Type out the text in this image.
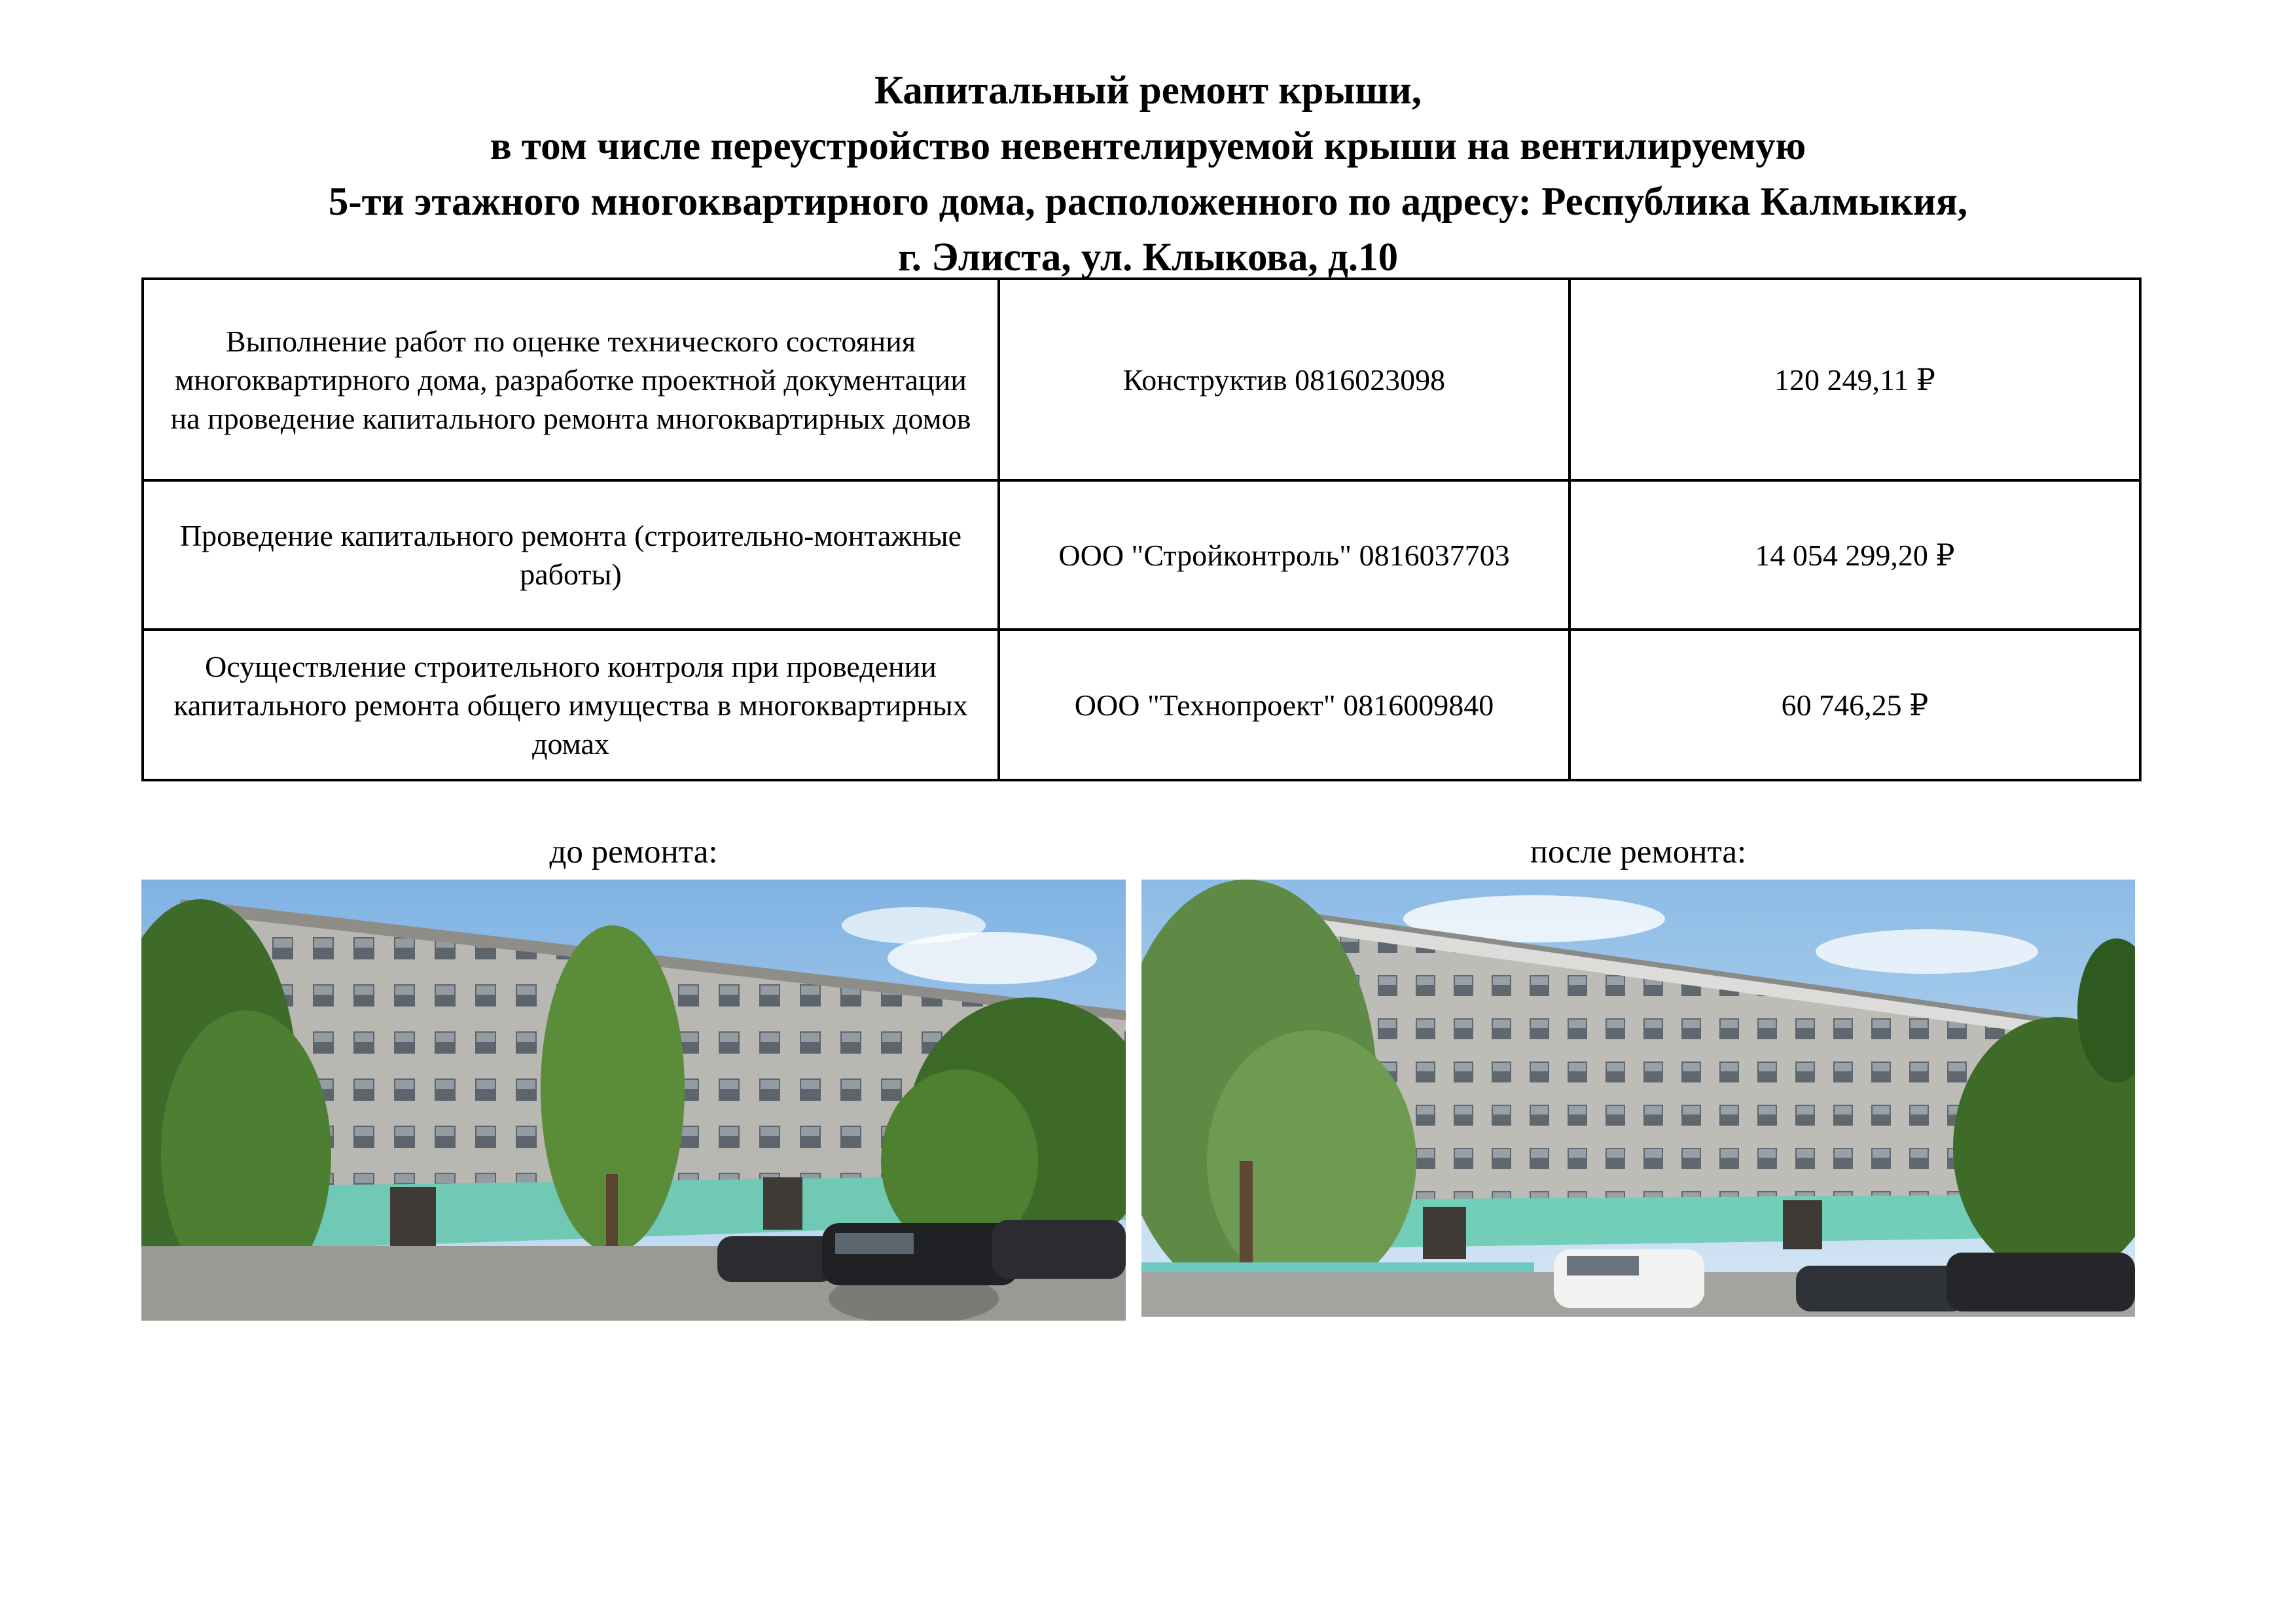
Капитальный ремонт крыши,
в том числе переустройство невентелируемой крыши на вентилируемую
5-ти этажного многоквартирного дома, расположенного по адресу: Республика Калмыкия,
г. Элиста, ул. Клыкова, д.10
Выполнение работ по оценке технического состояния многоквартирного дома, разработке проектной документации на проведение капитального ремонта многоквартирных домов	Конструктив 0816023098	120 249,11 ₽
Проведение капитального ремонта (строительно-монтажные работы)	ООО "Стройконтроль" 0816037703	14 054 299,20 ₽
Осуществление строительного контроля при проведении капитального ремонта общего имущества в многоквартирных домах	ООО "Технопроект" 0816009840	60 746,25 ₽
до ремонта:	после ремонта:
